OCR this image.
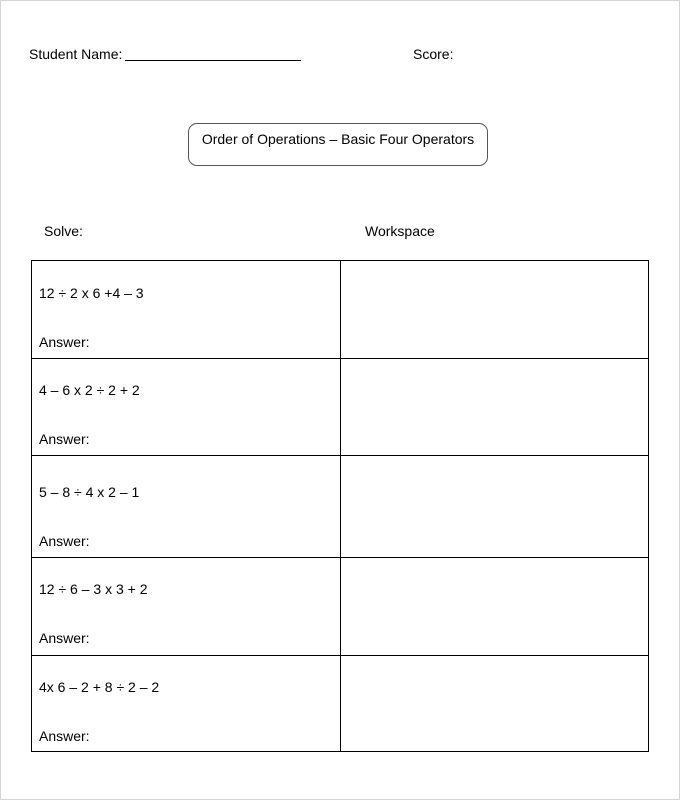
Student Name:	Score:
Order of Operations – Basic Four Operators
Solve:	Workspace
12 ÷ 2 x 6 +4 – 3
Answer:
4 – 6 x 2 ÷ 2 + 2
Answer:
5 – 8 ÷ 4 x 2 – 1
Answer:
12 ÷ 6 – 3 x 3 + 2
Answer:
4x 6 – 2 + 8 ÷ 2 – 2
Answer:
